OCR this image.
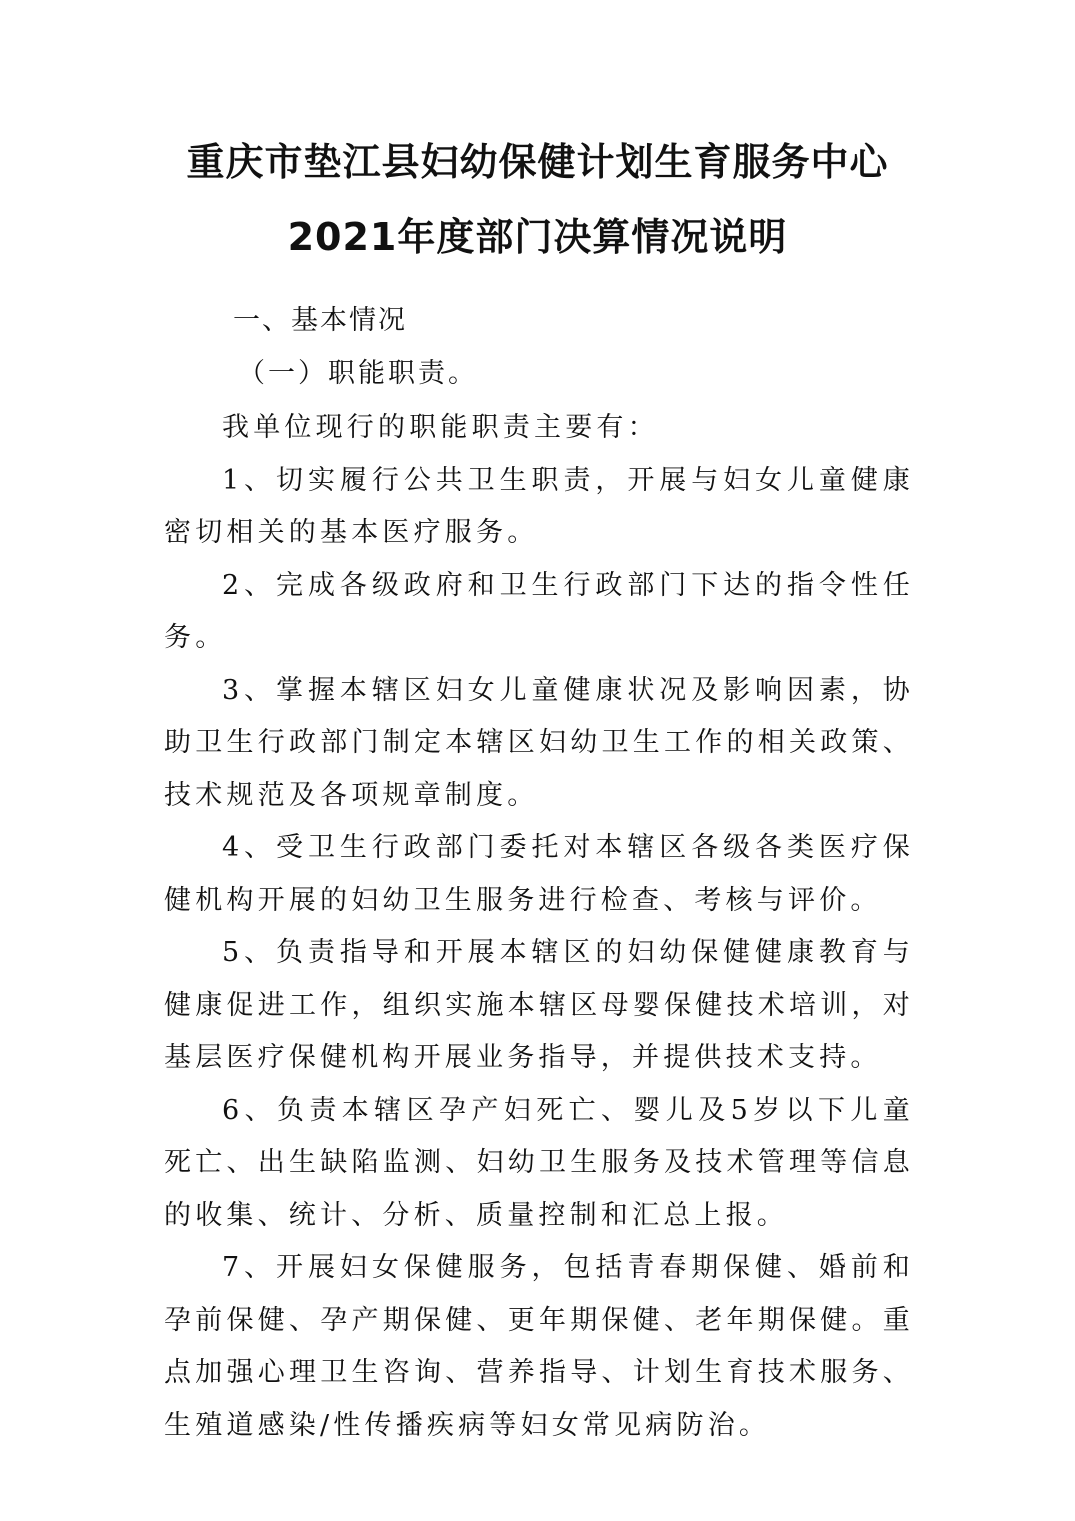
重庆市垫江县妇幼保健计划生育服务中心
2021年度部门决算情况说明
一、基本情况
（一）职能职责。

我单位现行的职能职责主要有：

1、切实履行公共卫生职责，开展与妇女儿童健康密切相关的基本医疗服务。

2、完成各级政府和卫生行政部门下达的指令性任务。

3、掌握本辖区妇女儿童健康状况及影响因素，协助卫生行政部门制定本辖区妇幼卫生工作的相关政策、技术规范及各项规章制度。

4、受卫生行政部门委托对本辖区各级各类医疗保健机构开展的妇幼卫生服务进行检查、考核与评价。

5、负责指导和开展本辖区的妇幼保健健康教育与健康促进工作，组织实施本辖区母婴保健技术培训，对基层医疗保健机构开展业务指导，并提供技术支持。

6、负责本辖区孕产妇死亡、婴儿及5岁以下儿童死亡、出生缺陷监测、妇幼卫生服务及技术管理等信息的收集、统计、分析、质量控制和汇总上报。

7、开展妇女保健服务，包括青春期保健、婚前和孕前保健、孕产期保健、更年期保健、老年期保健。重点加强心理卫生咨询、营养指导、计划生育技术服务、生殖道感染/性传播疾病等妇女常见病防治。
